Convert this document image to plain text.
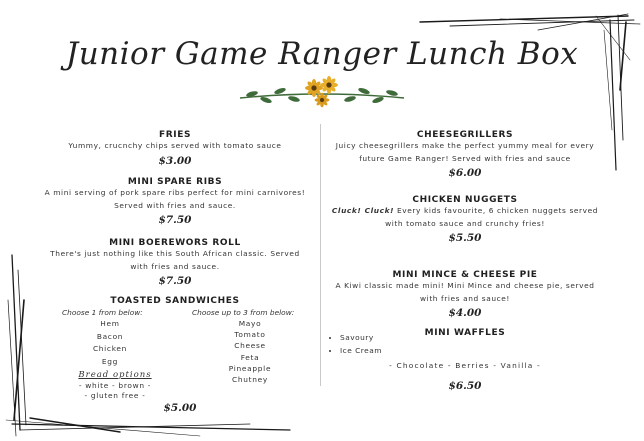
Junior Game Ranger Lunch Box
FRIES
Yummy, crucnchy chips served with tomato sauce
$3.00
MINI SPARE RIBS
A mini serving of pork spare ribs perfect for mini carnivores! Served with fries and sauce.
$7.50
MINI BOEREWORS ROLL
There's just nothing like this South African classic. Served with fries and sauce.
$7.50
TOASTED SANDWICHES
Choose 1 from below:	Choose up to 3 from below:
Hem
Bacon
Chicken
Egg
Mayo
Tomato
Cheese
Feta
Pineapple
Chutney
Bread options
- white - brown -
- gluten free -
$5.00
CHEESEGRILLERS
Juicy cheesegrillers make the perfect yummy meal for every future Game Ranger! Served with fries and sauce
$6.00
CHICKEN NUGGETS
Cluck! Cluck! Every kids favourite, 6 chicken nuggets served with tomato sauce and crunchy fries!
$5.50
MINI MINCE & CHEESE PIE
A Kiwi classic made mini! Mini Mince and cheese pie, served with fries and sauce!
$4.00
MINI WAFFLES
• Savoury
• Ice Cream
- Chocolate - Berries - Vanilla -
$6.50
